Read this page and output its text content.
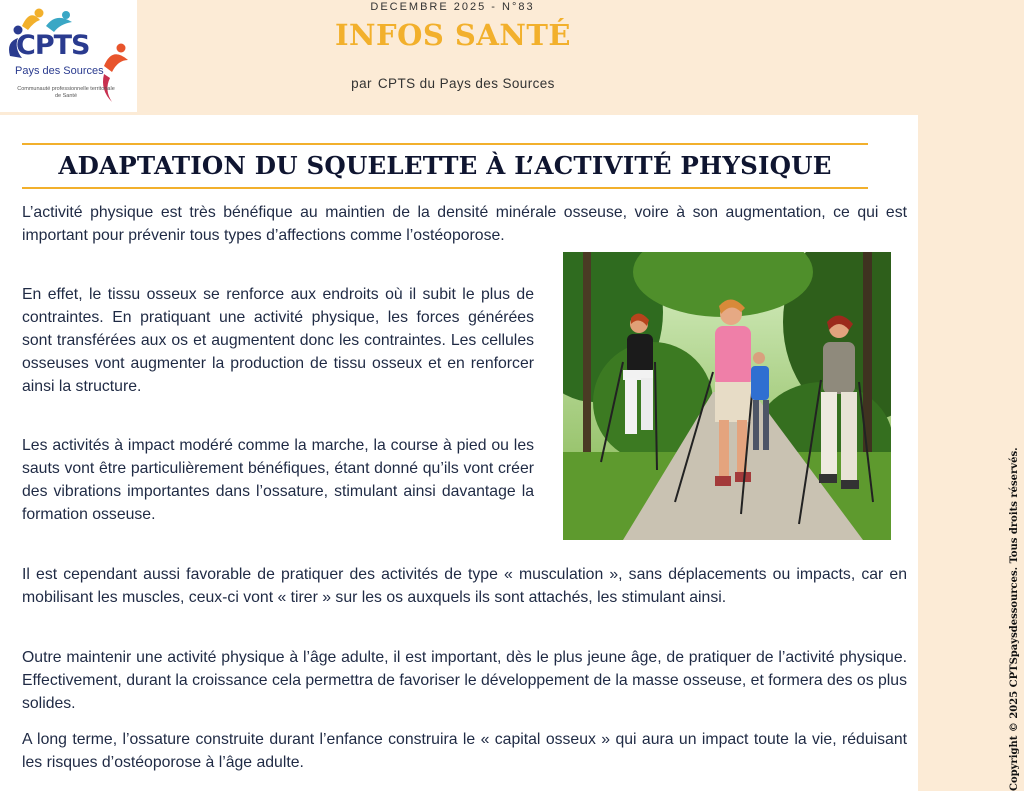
CPTS
Pays des Sources
Communauté professionnelle territoriale de Santé
DECEMBRE 2025 - N°83
INFOS SANTÉ
par CPTS du Pays des Sources
ADAPTATION DU SQUELETTE À L’ACTIVITÉ PHYSIQUE

L’activité physique est très bénéfique au maintien de la densité minérale osseuse, voire à son augmentation, ce qui est important pour prévenir tous types d’affections comme l’ostéoporose.

En effet, le tissu osseux se renforce aux endroits où il subit le plus de contraintes. En pratiquant une activité physique, les forces générées sont transférées aux os et augmentent donc les contraintes. Les cellules osseuses vont augmenter la production de tissu osseux et en renforcer ainsi la structure.

Les activités à impact modéré comme la marche, la course à pied ou les sauts vont être particulièrement bénéfiques, étant donné qu’ils vont créer des vibrations importantes dans l’ossature, stimulant ainsi davantage la formation osseuse.

Il est cependant aussi favorable de pratiquer des activités de type « musculation », sans déplacements ou impacts, car en mobilisant les muscles, ceux-ci vont « tirer » sur les os auxquels ils sont attachés, les stimulant ainsi.

Outre maintenir une activité physique à l’âge adulte, il est important, dès le plus jeune âge, de pratiquer de l’activité physique. Effectivement, durant la croissance cela permettra de favoriser le développement de la masse osseuse, et formera des os plus solides.

A long terme, l’ossature construite durant l’enfance construira le « capital osseux » qui aura un impact toute la vie, réduisant les risques d’ostéoporose à l’âge adulte.	Copyright © 2025 CPTSpaysdessources. Tous droits réservés.
